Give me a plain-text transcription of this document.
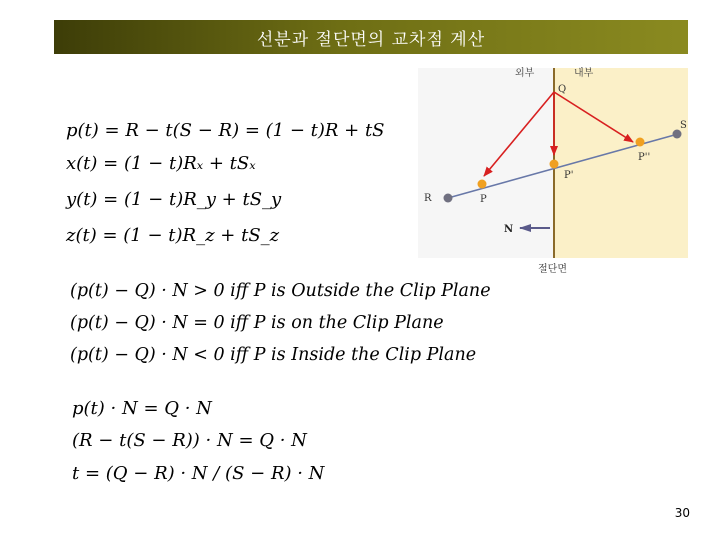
선분과 절단면의 교차점 계산
p(t) = R − t(S − R) = (1 − t)R + tS
x(t) = (1 − t)Rₓ + tSₓ
y(t) = (1 − t)R_y + tS_y
z(t) = (1 − t)R_z + tS_z
(p(t) − Q) · N > 0 iff P is Outside the Clip Plane
(p(t) − Q) · N = 0 iff P is on the Clip Plane
(p(t) − Q) · N < 0 iff P is Inside the Clip Plane
p(t) · N = Q · N
(R − t(S − R)) · N = Q · N
t = (Q − R) · N / (S − R) · N
외부	내부
절단면
Q
S
R	P
P'
P''
N
30
